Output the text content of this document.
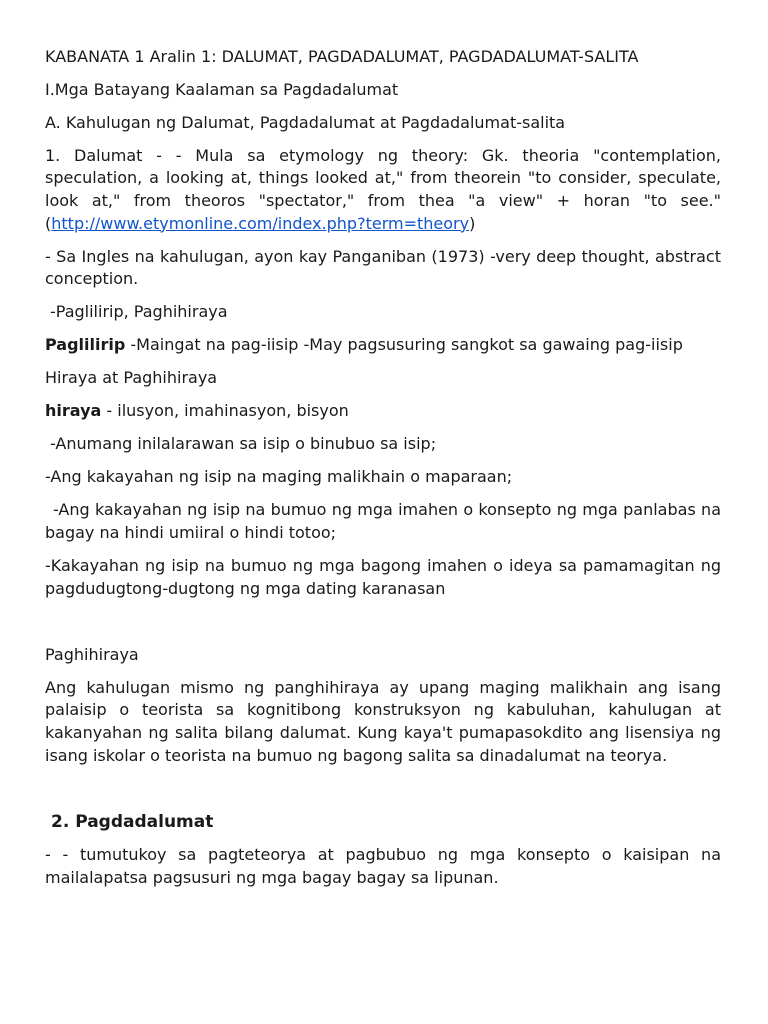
KABANATA 1 Aralin 1: DALUMAT, PAGDADALUMAT, PAGDADALUMAT-SALITA

I.Mga Batayang Kaalaman sa Pagdadalumat

A. Kahulugan ng Dalumat, Pagdadalumat at Pagdadalumat-salita

1. Dalumat - - Mula sa etymology ng theory: Gk. theoria "contemplation, speculation, a looking at, things looked at," from theorein "to consider, speculate, look at," from theoros "spectator," from thea "a view" + horan "to see." (http://www.etymonline.com/index.php?term=theory)

- Sa Ingles na kahulugan, ayon kay Panganiban (1973) -very deep thought, abstract conception.

-Paglilirip, Paghihiraya

Paglilirip -Maingat na pag-iisip -May pagsusuring sangkot sa gawaing pag-iisip

Hiraya at Paghihiraya

hiraya - ilusyon, imahinasyon, bisyon

-Anumang inilalarawan sa isip o binubuo sa isip;

-Ang kakayahan ng isip na maging malikhain o maparaan;

-Ang kakayahan ng isip na bumuo ng mga imahen o konsepto ng mga panlabas na bagay na hindi umiiral o hindi totoo;

-Kakayahan ng isip na bumuo ng mga bagong imahen o ideya sa pamamagitan ng pagdudugtong-dugtong ng mga dating karanasan

Paghihiraya

Ang kahulugan mismo ng panghihiraya ay upang maging malikhain ang isang palaisip o teorista sa kognitibong konstruksyon ng kabuluhan, kahulugan at kakanyahan ng salita bilang dalumat. Kung kaya't pumapasokdito ang lisensiya ng isang iskolar o teorista na bumuo ng bagong salita sa dinadalumat na teorya.

2. Pagdadalumat

- - tumutukoy sa pagteteorya at pagbubuo ng mga konsepto o kaisipan na mailalapatsa pagsusuri ng mga bagay bagay sa lipunan.
